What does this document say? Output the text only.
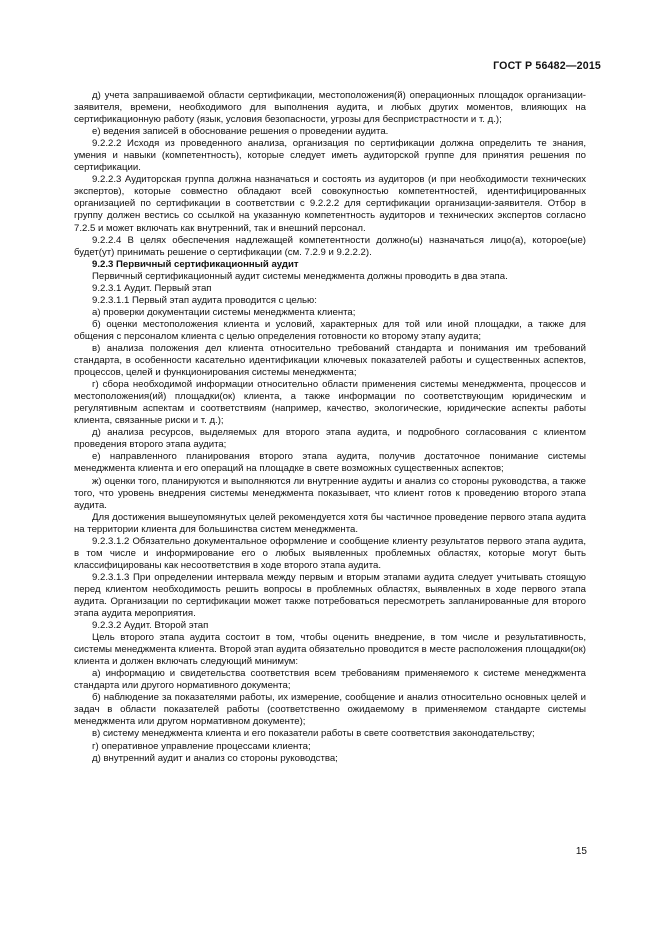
ГОСТ Р 56482—2015

д) учета запрашиваемой области сертификации, местоположения(й) операционных площадок организации-заявителя, времени, необходимого для выполнения аудита, и любых других моментов, влияющих на сертификационную работу (язык, условия безопасности, угрозы для беспристрастности и т. д.);

е) ведения записей в обоснование решения о проведении аудита.

9.2.2.2 Исходя из проведенного анализа, организация по сертификации должна определить те знания, умения и навыки (компетентность), которые следует иметь аудиторской группе для принятия решения по сертификации.

9.2.2.3 Аудиторская группа должна назначаться и состоять из аудиторов (и при необходимости технических экспертов), которые совместно обладают всей совокупностью компетентностей, идентифицированных организацией по сертификации в соответствии с 9.2.2.2 для сертификации организации-заявителя. Отбор в группу должен вестись со ссылкой на указанную компетентность аудиторов и технических экспертов согласно 7.2.5 и может включать как внутренний, так и внешний персонал.

9.2.2.4 В целях обеспечения надлежащей компетентности должно(ы) назначаться лицо(а), которое(ые) будет(ут) принимать решение о сертификации (см. 7.2.9 и 9.2.2.2).

9.2.3 Первичный сертификационный аудит

Первичный сертификационный аудит системы менеджмента должны проводить в два этапа.

9.2.3.1 Аудит. Первый этап

9.2.3.1.1 Первый этап аудита проводится с целью:

а) проверки документации системы менеджмента клиента;

б) оценки местоположения клиента и условий, характерных для той или иной площадки, а также для общения с персоналом клиента с целью определения готовности ко второму этапу аудита;

в) анализа положения дел клиента относительно требований стандарта и понимания им требований стандарта, в особенности касательно идентификации ключевых показателей работы и существенных аспектов, процессов, целей и функционирования системы менеджмента;

г) сбора необходимой информации относительно области применения системы менеджмента, процессов и местоположения(ий) площадки(ок) клиента, а также информации по соответствующим юридическим и регулятивным аспектам и соответствиям (например, качество, экологические, юридические аспекты работы клиента, связанные риски и т. д.);

д) анализа ресурсов, выделяемых для второго этапа аудита, и подробного согласования с клиентом проведения второго этапа аудита;

е) направленного планирования второго этапа аудита, получив достаточное понимание системы менеджмента клиента и его операций на площадке в свете возможных существенных аспектов;

ж) оценки того, планируются и выполняются ли внутренние аудиты и анализ со стороны руководства, а также того, что уровень внедрения системы менеджмента показывает, что клиент готов к проведению второго этапа аудита.

Для достижения вышеупомянутых целей рекомендуется хотя бы частичное проведение первого этапа аудита на территории клиента для большинства систем менеджмента.

9.2.3.1.2 Обязательно документальное оформление и сообщение клиенту результатов первого этапа аудита, в том числе и информирование его о любых выявленных проблемных областях, которые могут быть классифицированы как несоответствия в ходе второго этапа аудита.

9.2.3.1.3 При определении интервала между первым и вторым этапами аудита следует учитывать стоящую перед клиентом необходимость решить вопросы в проблемных областях, выявленных в ходе первого этапа аудита. Организации по сертификации может также потребоваться пересмотреть запланированные для второго этапа аудита мероприятия.

9.2.3.2 Аудит. Второй этап

Цель второго этапа аудита состоит в том, чтобы оценить внедрение, в том числе и результативность, системы менеджмента клиента. Второй этап аудита обязательно проводится в месте расположения площадки(ок) клиента и должен включать следующий минимум:

а) информацию и свидетельства соответствия всем требованиям применяемого к системе менеджмента стандарта или другого нормативного документа;

б) наблюдение за показателями работы, их измерение, сообщение и анализ относительно основных целей и задач в области показателей работы (соответственно ожидаемому в применяемом стандарте системы менеджмента или другом нормативном документе);

в) систему менеджмента клиента и его показатели работы в свете соответствия законодательству;

г) оперативное управление процессами клиента;

д) внутренний аудит и анализ со стороны руководства;

15
